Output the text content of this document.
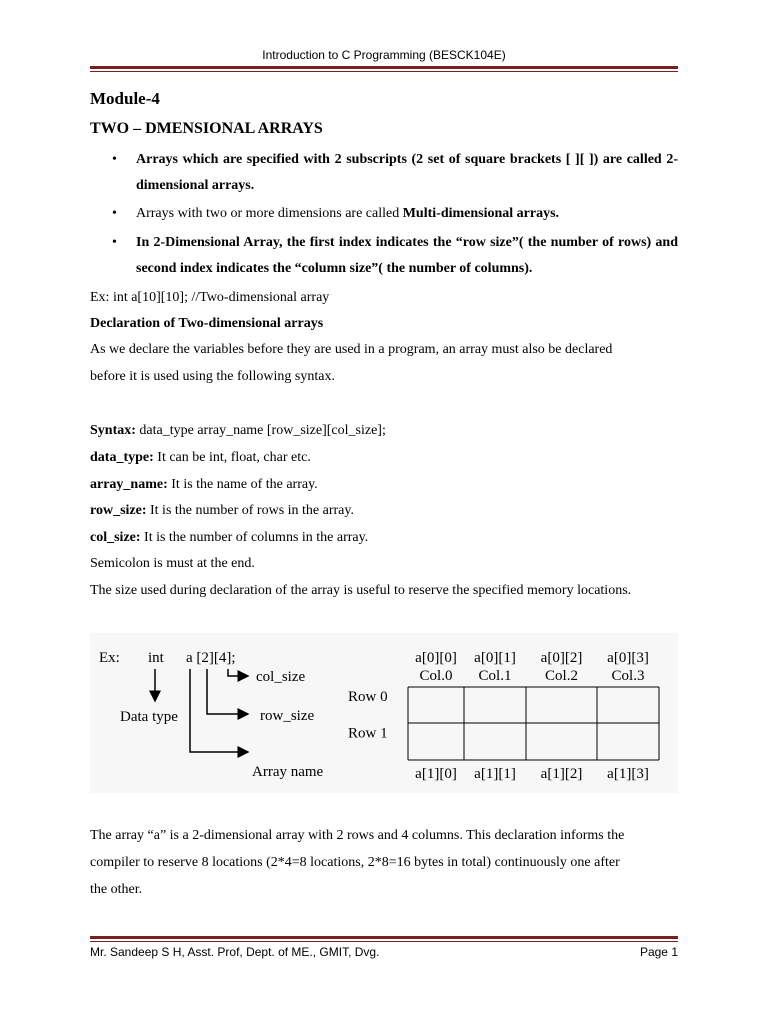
Introduction to C Programming (BESCK104E)

Module-4

TWO – DMENSIONAL ARRAYS

• Arrays which are specified with 2 subscripts (2 set of square brackets [ ][ ]) are called 2- dimensional arrays.
• Arrays with two or more dimensions are called Multi-dimensional arrays.
• In 2-Dimensional Array, the first index indicates the “row size”( the number of rows) and second index indicates the “column size”( the number of columns).
Ex: int a[10][10]; //Two-dimensional array
Declaration of Two-dimensional arrays
As we declare the variables before they are used in a program, an array must also be declared
before it is used using the following syntax.
Syntax: data_type array_name [row_size][col_size];
data_type: It can be int, float, char etc.
array_name: It is the name of the array.
row_size: It is the number of rows in the array.
col_size: It is the number of columns in the array.
Semicolon is must at the end.
The size used during declaration of the array is useful to reserve the specified memory locations.
The array “a” is a 2-dimensional array with 2 rows and 4 columns. This declaration informs the
compiler to reserve 8 locations (2*4=8 locations, 2*8=16 bytes in total) continuously one after
the other.
Ex: int a [2][4];
col_size
row_size
Data type
Array name
a[0][0]
Col.0
a[1][0]
a[0][1]
Col.1
a[1][1]
a[0][2]
Col.2
a[1][2]
a[0][3]
Col.3
a[1][3]
Row 0
Row 1
Mr. Sandeep S H, Asst. Prof, Dept. of ME., GMIT, Dvg.	Page 1
